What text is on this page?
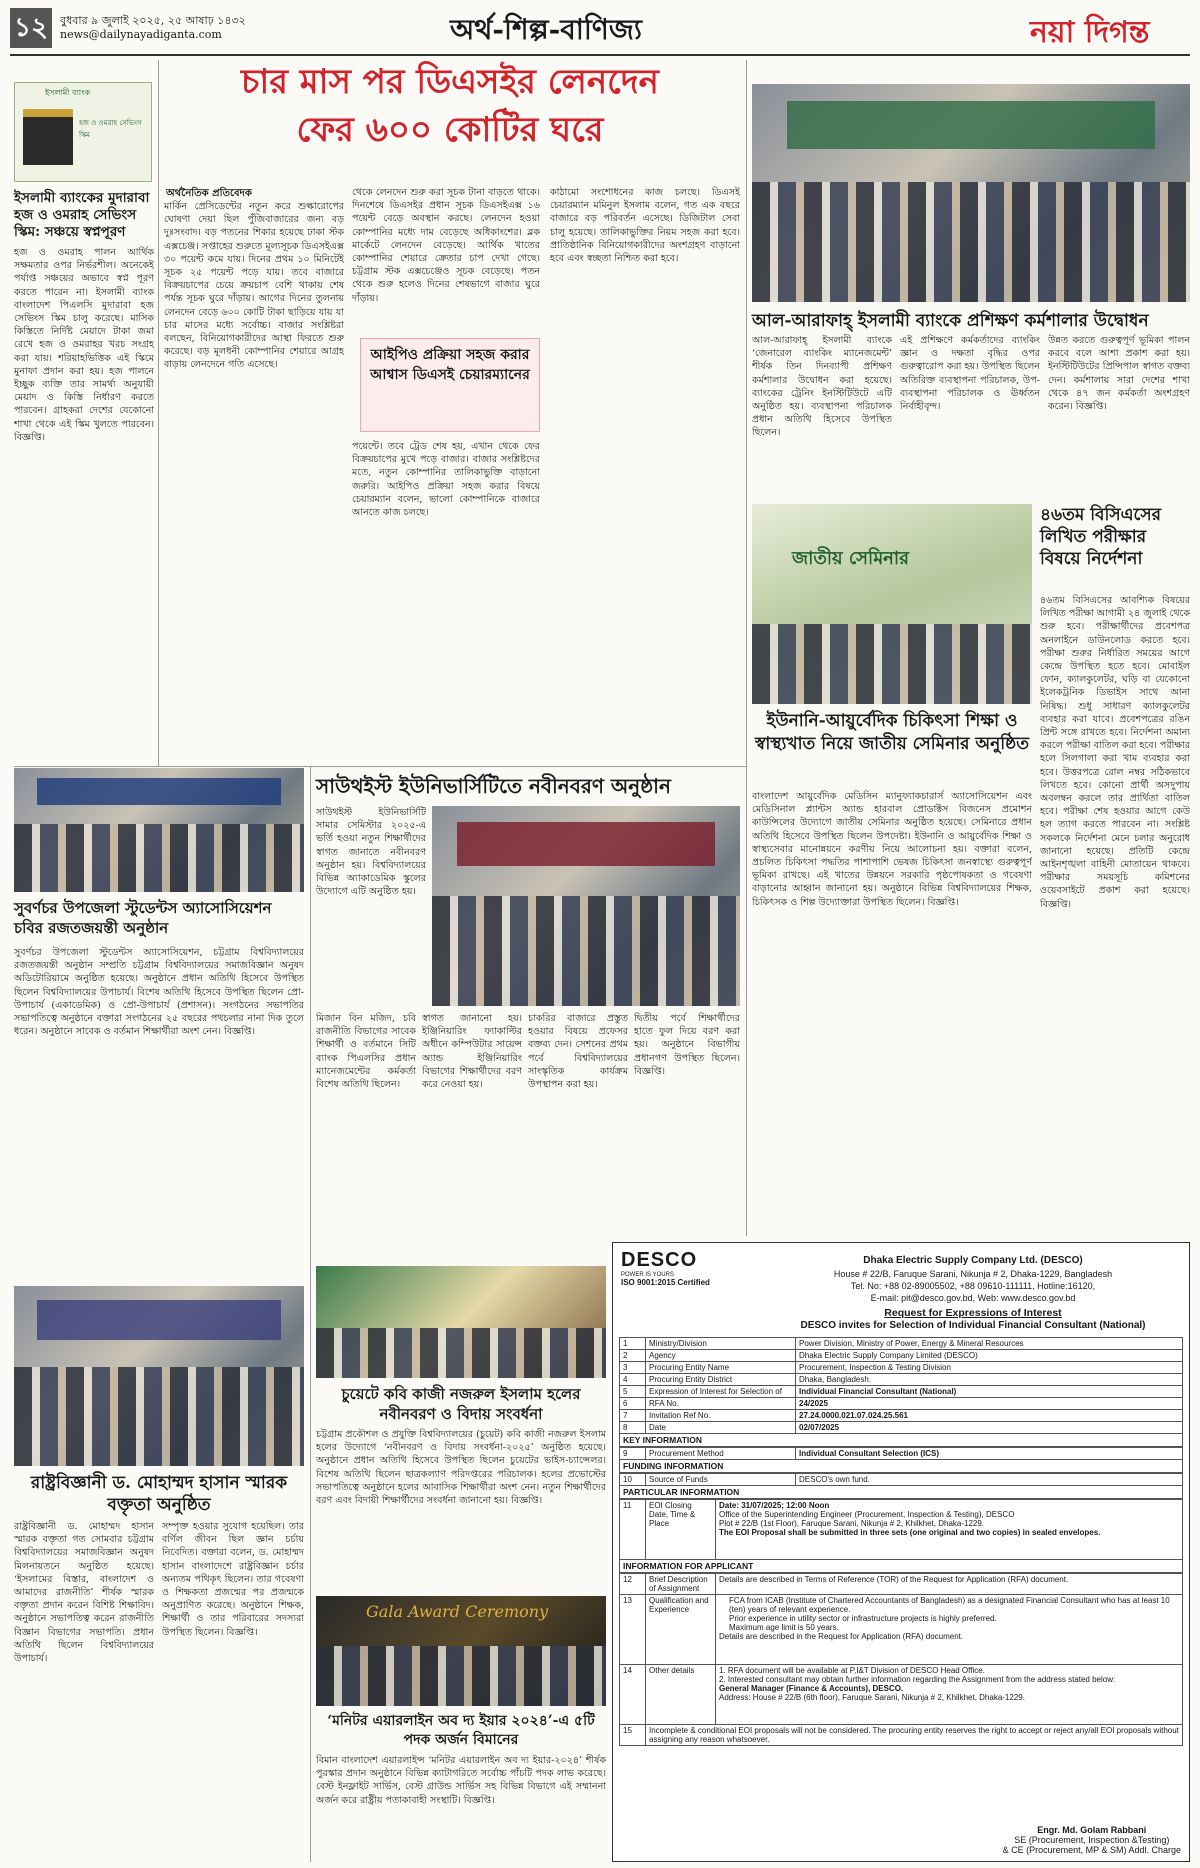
১২	বুধবার ৯ জুলাই ২০২৫, ২৫ আষাঢ় ১৪৩২
news@dailynayadiganta.com	অর্থ-শিল্প-বাণিজ্য	নয়া দিগন্ত
ইসলামী ব্যাংক
হজ ও ওমরাহ সেভিংস স্কিম
ইসলামী ব্যাংকের মুদারাবা হজ ও ওমরাহ সেভিংস স্কিম: সঞ্চয়ে স্বপ্নপূরণ
হজ ও ওমরাহ পালন আর্থিক সক্ষমতার ওপর নির্ভরশীল। অনেকেই পর্যাপ্ত সঞ্চয়ের অভাবে স্বপ্ন পূরণ করতে পারেন না। ইসলামী ব্যাংক বাংলাদেশ পিএলসি মুদারাবা হজ সেভিংস স্কিম চালু করেছে। মাসিক কিস্তিতে নির্দিষ্ট মেয়াদে টাকা জমা রেখে হজ ও ওমরাহর খরচ সংগ্রহ করা যায়। শরিয়াহভিত্তিক এই স্কিমে মুনাফা প্রদান করা হয়। হজ পালনে ইচ্ছুক ব্যক্তি তার সামর্থ্য অনুযায়ী মেয়াদ ও কিস্তি নির্ধারণ করতে পারবেন। গ্রাহকরা দেশের যেকোনো শাখা থেকে এই স্কিম খুলতে পারবেন। বিজ্ঞপ্তি।
চার মাস পর ডিএসইর লেনদেন
ফের ৬০০ কোটির ঘরে
অর্থনৈতিক প্রতিবেদক
মার্কিন প্রেসিডেন্টের নতুন করে শুল্কারোপের ঘোষণা দেয়া ছিল পুঁজিবাজারের জন্য বড় দুঃসংবাদ। বড় পতনের শিকার হয়েছে ঢাকা স্টক এক্সচেঞ্জ। সপ্তাহের শুরুতে মূল্যসূচক ডিএসইএক্স ৩০ পয়েন্ট কমে যায়। দিনের প্রথম ১০ মিনিটেই সূচক ২৫ পয়েন্ট পড়ে যায়। তবে বাজারে বিক্রয়চাপের চেয়ে ক্রয়চাপ বেশি থাকায় শেষ পর্যন্ত সূচক ঘুরে দাঁড়ায়। আগের দিনের তুলনায় লেনদেন বেড়ে ৬০০ কোটি টাকা ছাড়িয়ে যায় যা চার মাসের মধ্যে সর্বোচ্চ। বাজার সংশ্লিষ্টরা বলছেন, বিনিয়োগকারীদের আস্থা ফিরতে শুরু করেছে। বড় মূলধনী কোম্পানির শেয়ারে আগ্রহ বাড়ায় লেনদেনে গতি এসেছে।
থেকে লেনদেন শুরু করা সূচক টানা বাড়তে থাকে। দিনশেষে ডিএসইর প্রধান সূচক ডিএসইএক্স ১৬ পয়েন্ট বেড়ে অবস্থান করছে। লেনদেন হওয়া কোম্পানির মধ্যে দাম বেড়েছে অধিকাংশের। ব্লক মার্কেটে লেনদেন বেড়েছে। আর্থিক খাতের কোম্পানির শেয়ারে ক্রেতার চাপ দেখা গেছে। চট্টগ্রাম স্টক এক্সচেঞ্জেও সূচক বেড়েছে। পতন থেকে শুরু হলেও দিনের শেষভাগে বাজার ঘুরে দাঁড়ায়।
আইপিও প্রক্রিয়া সহজ করার আশ্বাস ডিএসই চেয়ারম্যানের
পয়েন্টে। তবে ট্রেড শেষ হয়, এখান থেকে ফের বিক্রয়চাপের মুখে পড়ে বাজার। বাজার সংশ্লিষ্টদের মতে, নতুন কোম্পানির তালিকাভুক্তি বাড়ানো জরুরি। আইপিও প্রক্রিয়া সহজ করার বিষয়ে চেয়ারম্যান বলেন, ভালো কোম্পানিকে বাজারে আনতে কাজ চলছে।
কাঠামো সংশোধনের কাজ চলছে। ডিএসই চেয়ারম্যান মমিনুল ইসলাম বলেন, গত এক বছরে বাজারে বড় পরিবর্তন এসেছে। ডিজিটাল সেবা চালু হয়েছে। তালিকাভুক্তির নিয়ম সহজ করা হবে। প্রাতিষ্ঠানিক বিনিয়োগকারীদের অংশগ্রহণ বাড়ানো হবে এবং স্বচ্ছতা নিশ্চিত করা হবে।
আল-আরাফাহ্ ইসলামী ব্যাংকে প্রশিক্ষণ কর্মশালার উদ্বোধন
আল-আরাফাহ্ ইসলামী ব্যাংকে ‘জেনারেল ব্যাংকিং ম্যানেজমেন্ট’ শীর্ষক তিন দিনব্যাপী প্রশিক্ষণ কর্মশালার উদ্বোধন করা হয়েছে। ব্যাংকের ট্রেনিং ইনস্টিটিউটে এটি অনুষ্ঠিত হয়। ব্যবস্থাপনা পরিচালক প্রধান অতিথি হিসেবে উপস্থিত ছিলেন।
এই প্রশিক্ষণে কর্মকর্তাদের ব্যাংকিং জ্ঞান ও দক্ষতা বৃদ্ধির ওপর গুরুত্বারোপ করা হয়। উপস্থিত ছিলেন অতিরিক্ত ব্যবস্থাপনা পরিচালক, উপ-ব্যবস্থাপনা পরিচালক ও ঊর্ধ্বতন নির্বাহীবৃন্দ।
উন্নত করতে গুরুত্বপূর্ণ ভূমিকা পালন করবে বলে আশা প্রকাশ করা হয়। ইনস্টিটিউটের প্রিন্সিপাল স্বাগত বক্তব্য দেন। কর্মশালায় সারা দেশের শাখা থেকে ৪৭ জন কর্মকর্তা অংশগ্রহণ করেন। বিজ্ঞপ্তি।
জাতীয় সেমিনার
ইউনানি-আয়ুর্বেদিক চিকিৎসা শিক্ষা ও স্বাস্থ্যখাত নিয়ে জাতীয় সেমিনার অনুষ্ঠিত
বাংলাদেশ আয়ুর্বেদিক মেডিসিন ম্যানুফ্যাকচারার্স অ্যাসোসিয়েশন এবং মেডিসিনাল প্ল্যান্টস অ্যান্ড হারবাল প্রোডাক্টস বিজনেস প্রমোশন কাউন্সিলের উদ্যোগে জাতীয় সেমিনার অনুষ্ঠিত হয়েছে। সেমিনারে প্রধান অতিথি হিসেবে উপস্থিত ছিলেন উপদেষ্টা। ইউনানি ও আয়ুর্বেদিক শিক্ষা ও স্বাস্থ্যসেবার মানোন্নয়নে করণীয় নিয়ে আলোচনা হয়। বক্তারা বলেন, প্রচলিত চিকিৎসা পদ্ধতির পাশাপাশি ভেষজ চিকিৎসা জনস্বাস্থ্যে গুরুত্বপূর্ণ ভূমিকা রাখছে। এই খাতের উন্নয়নে সরকারি পৃষ্ঠপোষকতা ও গবেষণা বাড়ানোর আহ্বান জানানো হয়। অনুষ্ঠানে বিভিন্ন বিশ্ববিদ্যালয়ের শিক্ষক, চিকিৎসক ও শিল্প উদ্যোক্তারা উপস্থিত ছিলেন। বিজ্ঞপ্তি।
৪৬তম বিসিএসের লিখিত পরীক্ষার বিষয়ে নির্দেশনা
৪৬তম বিসিএসের আবশ্যিক বিষয়ের লিখিত পরীক্ষা আগামী ২৪ জুলাই থেকে শুরু হবে। পরীক্ষার্থীদের প্রবেশপত্র অনলাইনে ডাউনলোড করতে হবে। পরীক্ষা শুরুর নির্ধারিত সময়ের আগে কেন্দ্রে উপস্থিত হতে হবে। মোবাইল ফোন, ক্যালকুলেটর, ঘড়ি বা যেকোনো ইলেকট্রনিক ডিভাইস সাথে আনা নিষিদ্ধ। শুধু সাধারণ ক্যালকুলেটর ব্যবহার করা যাবে। প্রবেশপত্রের রঙিন প্রিন্ট সঙ্গে রাখতে হবে। নির্দেশনা অমান্য করলে পরীক্ষা বাতিল করা হবে। পরীক্ষার হলে সিলগালা করা খাম ব্যবহার করা হবে। উত্তরপত্রে রোল নম্বর সঠিকভাবে লিখতে হবে। কোনো প্রার্থী অসদুপায় অবলম্বন করলে তার প্রার্থিতা বাতিল হবে। পরীক্ষা শেষ হওয়ার আগে কেউ হল ত্যাগ করতে পারবেন না। সংশ্লিষ্ট সকলকে নির্দেশনা মেনে চলার অনুরোধ জানানো হয়েছে। প্রতিটি কেন্দ্রে আইনশৃঙ্খলা বাহিনী মোতায়েন থাকবে। পরীক্ষার সময়সূচি কমিশনের ওয়েবসাইটে প্রকাশ করা হয়েছে। বিজ্ঞপ্তি।
সুবর্ণচর উপজেলা স্টুডেন্টস অ্যাসোসিয়েশন চবির রজতজয়ন্তী অনুষ্ঠান
সুবর্ণচর উপজেলা স্টুডেন্টস অ্যাসোসিয়েশন, চট্টগ্রাম বিশ্ববিদ্যালয়ের রজতজয়ন্তী অনুষ্ঠান সম্প্রতি চট্টগ্রাম বিশ্ববিদ্যালয়ের সমাজবিজ্ঞান অনুষদ অডিটোরিয়ামে অনুষ্ঠিত হয়েছে। অনুষ্ঠানে প্রধান অতিথি হিসেবে উপস্থিত ছিলেন বিশ্ববিদ্যালয়ের উপাচার্য। বিশেষ অতিথি হিসেবে উপস্থিত ছিলেন প্রো-উপাচার্য (একাডেমিক) ও প্রো-উপাচার্য (প্রশাসন)। সংগঠনের সভাপতির সভাপতিত্বে অনুষ্ঠানে বক্তারা সংগঠনের ২৫ বছরের পথচলার নানা দিক তুলে ধরেন। অনুষ্ঠানে সাবেক ও বর্তমান শিক্ষার্থীরা অংশ নেন। বিজ্ঞপ্তি।
সাউথইস্ট ইউনিভার্সিটিতে নবীনবরণ অনুষ্ঠান
সাউথইস্ট ইউনিভার্সিটি সামার সেমিস্টার ২০২৫-এ ভর্তি হওয়া নতুন শিক্ষার্থীদের স্বাগত জানাতে নবীনবরণ অনুষ্ঠান হয়। বিশ্ববিদ্যালয়ের বিভিন্ন অ্যাকাডেমিক স্কুলের উদ্যোগে এটি অনুষ্ঠিত হয়।
মিজান বিন মজিদ, চবি রাজনীতি বিভাগের সাবেক শিক্ষার্থী ও বর্তমানে সিটি ব্যাংক পিএলসির প্রধান ম্যানেজমেন্টের কর্মকর্তা বিশেষ অতিথি ছিলেন।
স্বাগত জানানো হয়। ইঞ্জিনিয়ারিং ফ্যাকাল্টির অধীনে কম্পিউটার সায়েন্স অ্যান্ড ইঞ্জিনিয়ারিং বিভাগের শিক্ষার্থীদের বরণ করে নেওয়া হয়।
চাকরির বাজারে প্রস্তুত হওয়ার বিষয়ে প্রফেসর বক্তব্য দেন। সেশনের প্রথম পর্বে বিশ্ববিদ্যালয়ের সাংস্কৃতিক কার্যক্রম উপস্থাপন করা হয়।
দ্বিতীয় পর্বে শিক্ষার্থীদের হাতে ফুল দিয়ে বরণ করা হয়। অনুষ্ঠানে বিভাগীয় প্রধানগণ উপস্থিত ছিলেন। বিজ্ঞপ্তি।
রাষ্ট্রবিজ্ঞানী ড. মোহাম্মদ হাসান স্মারক বক্তৃতা অনুষ্ঠিত
রাষ্ট্রবিজ্ঞানী ড. মোহাম্মদ হাসান স্মারক বক্তৃতা গত সোমবার চট্টগ্রাম বিশ্ববিদ্যালয়ের সমাজবিজ্ঞান অনুষদ মিলনায়তনে অনুষ্ঠিত হয়েছে। ‘ইসলামের বিস্তার, বাংলাদেশ ও আমাদের রাজনীতি’ শীর্ষক স্মারক বক্তৃতা প্রদান করেন বিশিষ্ট শিক্ষাবিদ। অনুষ্ঠানে সভাপতিত্ব করেন রাজনীতি বিজ্ঞান বিভাগের সভাপতি। প্রধান অতিথি ছিলেন বিশ্ববিদ্যালয়ের উপাচার্য।
সম্পৃক্ত হওয়ার সুযোগ হয়েছিল। তার বর্ণিল জীবন ছিল জ্ঞান চর্চায় নিবেদিত। বক্তারা বলেন, ড. মোহাম্মদ হাসান বাংলাদেশে রাষ্ট্রবিজ্ঞান চর্চার অন্যতম পথিকৃৎ ছিলেন। তার গবেষণা ও শিক্ষকতা প্রজন্মের পর প্রজন্মকে অনুপ্রাণিত করেছে। অনুষ্ঠানে শিক্ষক, শিক্ষার্থী ও তার পরিবারের সদস্যরা উপস্থিত ছিলেন। বিজ্ঞপ্তি।
চুয়েটে কবি কাজী নজরুল ইসলাম হলের নবীনবরণ ও বিদায় সংবর্ধনা
চট্টগ্রাম প্রকৌশল ও প্রযুক্তি বিশ্ববিদ্যালয়ের (চুয়েট) কবি কাজী নজরুল ইসলাম হলের উদ্যোগে ‘নবীনবরণ ও বিদায় সংবর্ধনা-২০২৫’ অনুষ্ঠিত হয়েছে। অনুষ্ঠানে প্রধান অতিথি হিসেবে উপস্থিত ছিলেন চুয়েটের ভাইস-চ্যান্সেলর। বিশেষ অতিথি ছিলেন ছাত্রকল্যাণ পরিদপ্তরের পরিচালক। হলের প্রভোস্টের সভাপতিত্বে অনুষ্ঠানে হলের আবাসিক শিক্ষার্থীরা অংশ নেন। নতুন শিক্ষার্থীদের বরণ এবং বিদায়ী শিক্ষার্থীদের সংবর্ধনা জানানো হয়। বিজ্ঞপ্তি।
Gala Award Ceremony
‘মনিটর এয়ারলাইন অব দ্য ইয়ার ২০২৪’-এ ৫টি পদক অর্জন বিমানের
বিমান বাংলাদেশ এয়ারলাইন্স ‘মনিটর এয়ারলাইন অব দ্য ইয়ার-২০২৪’ শীর্ষক পুরস্কার প্রদান অনুষ্ঠানে বিভিন্ন ক্যাটাগরিতে সর্বোচ্চ পাঁচটি পদক লাভ করেছে। বেস্ট ইনফ্লাইট সার্ভিস, বেস্ট গ্রাউন্ড সার্ভিস সহ বিভিন্ন বিভাগে এই সম্মাননা অর্জন করে রাষ্ট্রীয় পতাকাবাহী সংস্থাটি। বিজ্ঞপ্তি।
DESCO
POWER IS YOURS
ISO 9001:2015 Certified
Dhaka Electric Supply Company Ltd. (DESCO)
House # 22/B, Faruque Sarani, Nikunja # 2, Dhaka-1229, Bangladesh
Tel. No: +88 02-89005502, +88 09610-111111, Hotline:16120,
E-mail: pit@desco.gov.bd, Web: www.desco.gov.bd
Request for Expressions of Interest
DESCO invites for Selection of Individual Financial Consultant (National)
1	Ministry/Division	Power Division, Ministry of Power, Energy & Mineral Resources
2	Agency	Dhaka Electric Supply Company Limited (DESCO)
3	Procuring Entity Name	Procurement, Inspection & Testing Division
4	Procuring Entity District	Dhaka, Bangladesh.
5	Expression of Interest for Selection of	Individual Financial Consultant (National)
6	RFA No.	24/2025
7	Invitation Ref No.	27.24.0000.021.07.024.25.561
8	Date	02/07/2025
KEY INFORMATION
9	Procurement Method	Individual Consultant Selection (ICS)
FUNDING INFORMATION
10	Source of Funds	DESCO's own fund.
PARTICULAR INFORMATION
11	EOI Closing Date, Time & Place	
Date: 31/07/2025; 12:00 Noon
Office of the Superintending Engineer (Procurement, Inspection & Testing), DESCO
Plot # 22/B (1st Floor), Faruque Sarani, Nikunja # 2, Khilkhet, Dhaka-1229.
The EOI Proposal shall be submitted in three sets (one original and two copies) in sealed envelopes.
INFORMATION FOR APPLICANT
12	Brief Description of Assignment	Details are described in Terms of Reference (TOR) of the Request for Application (RFA) document.
13	Qualification and Experience	FCA from ICAB (Institute of Chartered Accountants of Bangladesh) as a designated Financial Consultant who has at least 10 (ten) years of relevant experience.
Prior experience in utility sector or infrastructure projects is highly preferred.
Maximum age limit is 50 years.
Details are described in the Request for Application (RFA) document.

14	Other details	1. RFA document will be available at P,I&T Division of DESCO Head Office.
2. Interested consultant may obtain further information regarding the Assignment from the address stated below:
General Manager (Finance & Accounts), DESCO.
Address: House # 22/B (6th floor), Faruque Sarani, Nikunja # 2, Khilkhet, Dhaka-1229.

15	Incomplete & conditional EOI proposals will not be considered. The procuring entity reserves the right to accept or reject any/all EOI proposals without assigning any reason whatsoever.	
Engr. Md. Golam Rabbani
SE (Procurement, Inspection &Testing)
& CE (Procurement, MP & SM) Addl. Charge
